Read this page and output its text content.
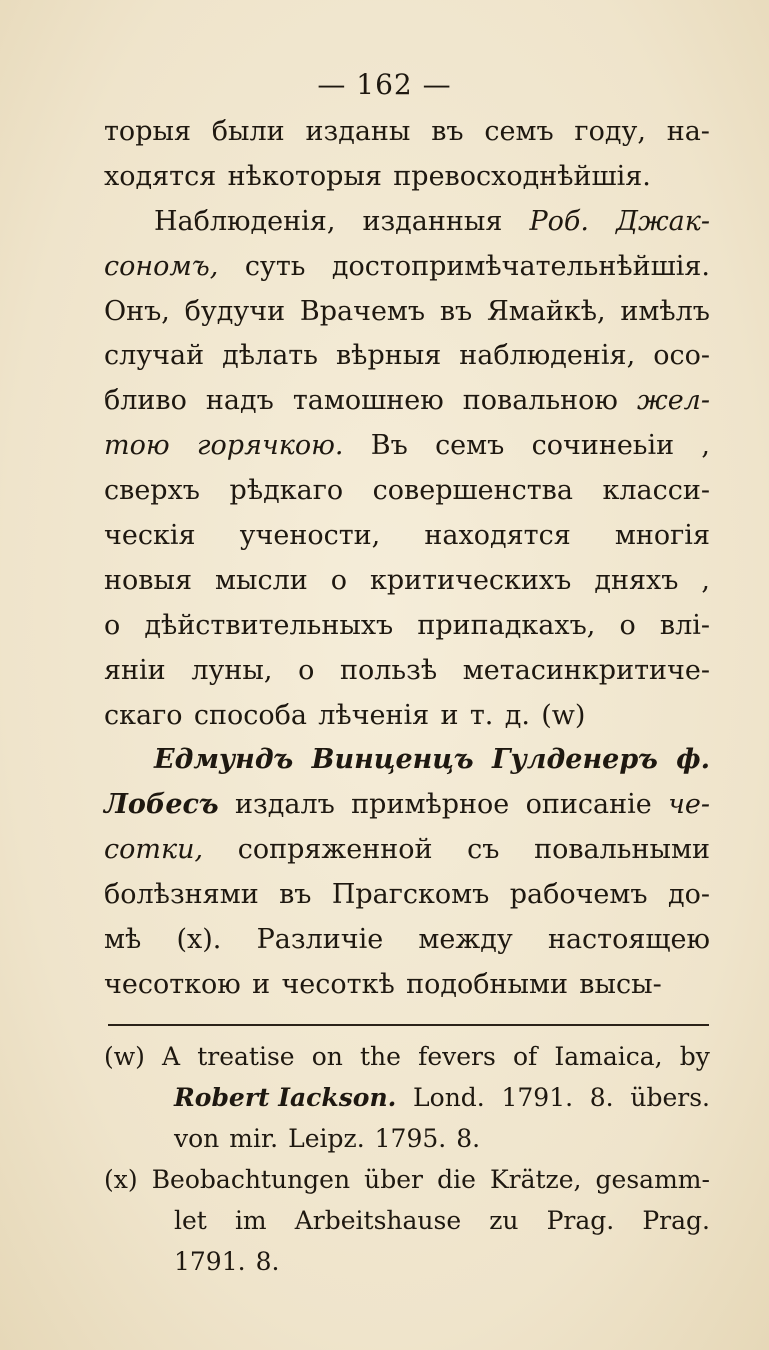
— 162 —
торыя были изданы въ семъ году, на-
ходятся нѣкоторыя превосходнѣйшія.
Наблюденія, изданныя Роб. Джак-
сономъ, суть достопримѣчательнѣйшія.
Онъ, будучи Врачемъ въ Ямайкѣ, имѣлъ
случай дѣлать вѣрныя наблюденія, осо-
бливо надъ тамошнею повальною жел-
тою горячкою. Въ семъ сочинеьіи ,
сверхъ рѣдкаго совершенства класси-
ческія учености, находятся многія
новыя мысли о критическихъ дняхъ ,
о дѣйствительныхъ припадкахъ, о влі-
яніи луны, о пользѣ метасинкритиче-
скаго способа лѣченія и т. д. (w)
Едмундъ Винценцъ Гулденеръ ф.
Лобесъ издалъ примѣрное описаніе че-
сотки, сопряженной съ повальными
болѣзнями въ Прагскомъ рабочемъ до-
мѣ (х). Различіе между настоящею
чесоткою и чесоткѣ подобными высы-
(w) A treatise on the fevers of Iamaica, by
Robert Iackson. Lond. 1791. 8. übers.
von mir. Leipz. 1795. 8.
(x) Beobachtungen über die Krätze, gesamm-
let im Arbeitshause zu Prag. Prag.
1791. 8.
